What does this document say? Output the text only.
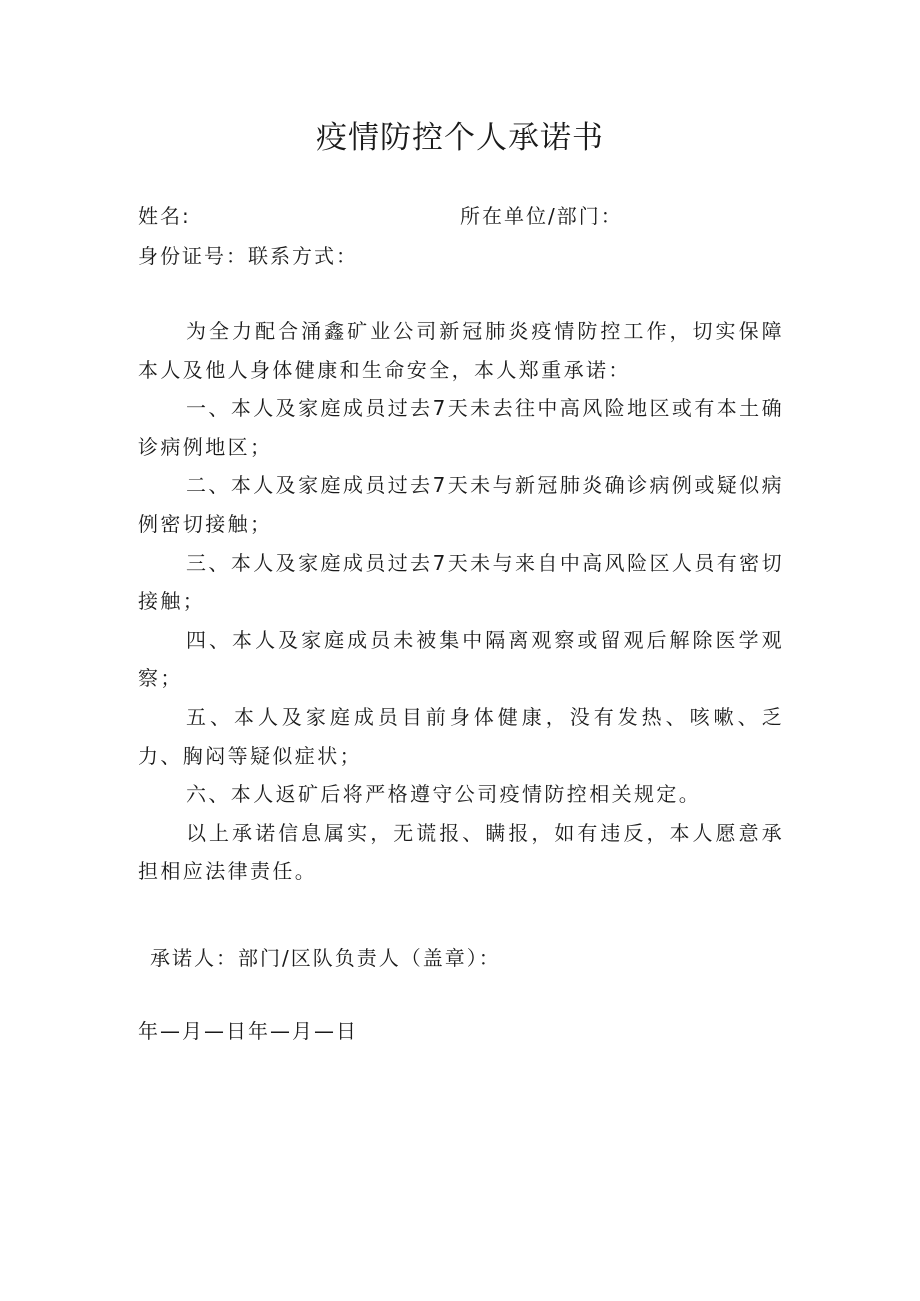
疫情防控个人承诺书
姓名:	所在单位/部门：
身份证号：联系方式：

为全力配合涌鑫矿业公司新冠肺炎疫情防控工作，切实保障本人及他人身体健康和生命安全，本人郑重承诺：

一、本人及家庭成员过去7天未去往中高风险地区或有本土确诊病例地区；

二、本人及家庭成员过去7天未与新冠肺炎确诊病例或疑似病例密切接触；

三、本人及家庭成员过去7天未与来自中高风险区人员有密切接触；

四、本人及家庭成员未被集中隔离观察或留观后解除医学观察；

五、本人及家庭成员目前身体健康，没有发热、咳嗽、乏力、胸闷等疑似症状；

六、本人返矿后将严格遵守公司疫情防控相关规定。

以上承诺信息属实，无谎报、瞒报，如有违反，本人愿意承担相应法律责任。

承诺人：部门/区队负责人（盖章）：
年—月—日年—月—日
